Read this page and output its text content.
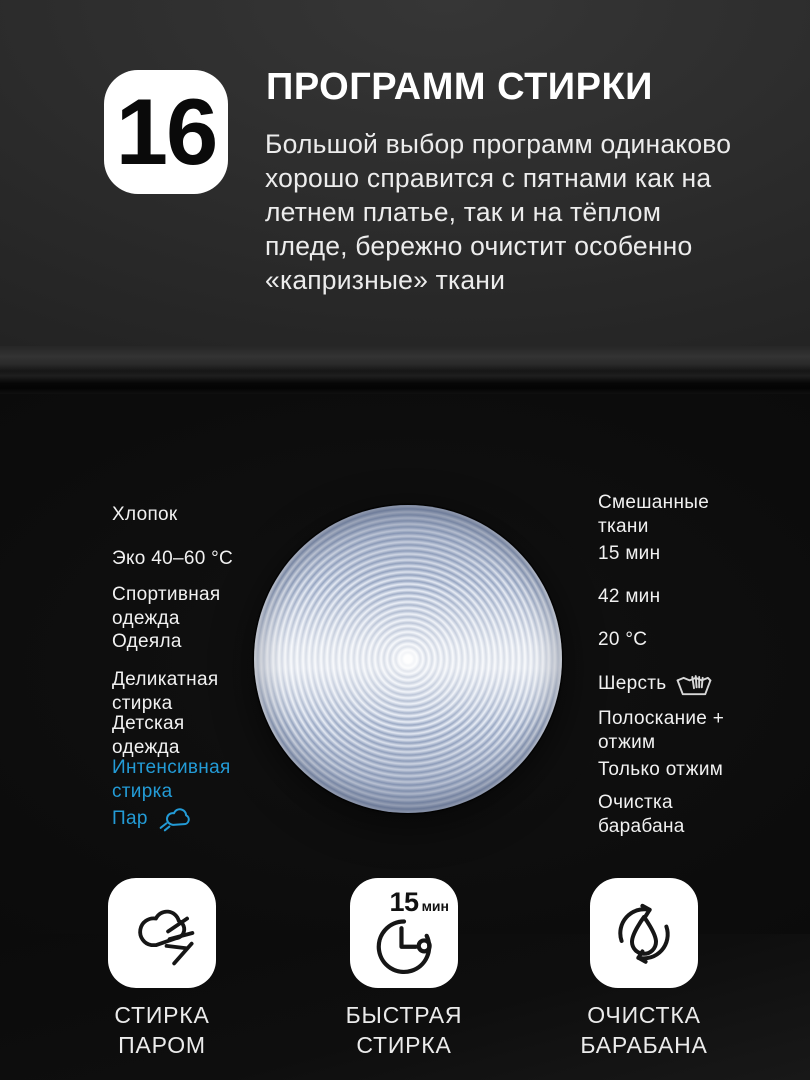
16 ПРОГРАММ СТИРКИ

Большой выбор программ одинаково хорошо справится с пятнами как на летнем платье, так и на тёплом пледе, бережно очистит особенно «капризные» ткани

Хлопок
Эко 40–60 °C
Спортивная одежда
Одеяла
Деликатная стирка
Детская одежда
Интенсивная стирка
Пар
Смешанные ткани
15 мин
42 мин
20 °C
Шерсть
Полоскание + отжим
Только отжим
Очистка барабана
15 мин
СТИРКА ПАРОМ
БЫСТРАЯ СТИРКА
ОЧИСТКА БАРАБАНА
